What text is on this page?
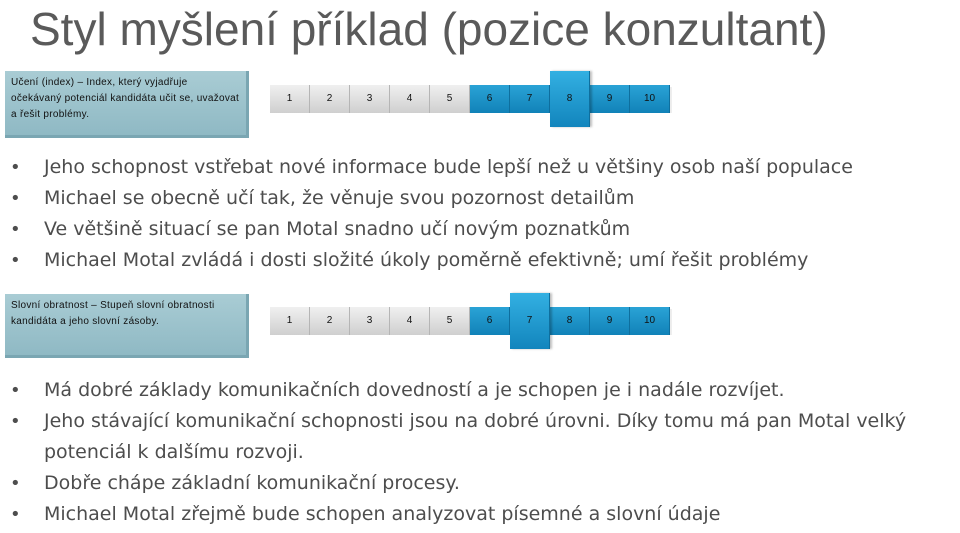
Styl myšlení příklad (pozice konzultant)
Učení (index) – Index, který vyjadřuje očekávaný potenciál kandidáta učit se, uvažovat a řešit problémy.
1	2	3	4	5	6	7	8	9	10
• Jeho schopnost vstřebat nové informace bude lepší než u většiny osob naší populace
• Michael se obecně učí tak, že věnuje svou pozornost detailům
• Ve většině situací se pan Motal snadno učí novým poznatkům
• Michael Motal zvládá i dosti složité úkoly poměrně efektivně; umí řešit problémy
Slovní obratnost – Stupeň slovní obratnosti kandidáta a jeho slovní zásoby.	1	2	3	4	5	6	7	8	9	10
• Má dobré základy komunikačních dovedností a je schopen je i nadále rozvíjet.
• Jeho stávající komunikační schopnosti jsou na dobré úrovni. Díky tomu má pan Motal velký potenciál k dalšímu rozvoji.
• Dobře chápe základní komunikační procesy.
• Michael Motal zřejmě bude schopen analyzovat písemné a slovní údaje
